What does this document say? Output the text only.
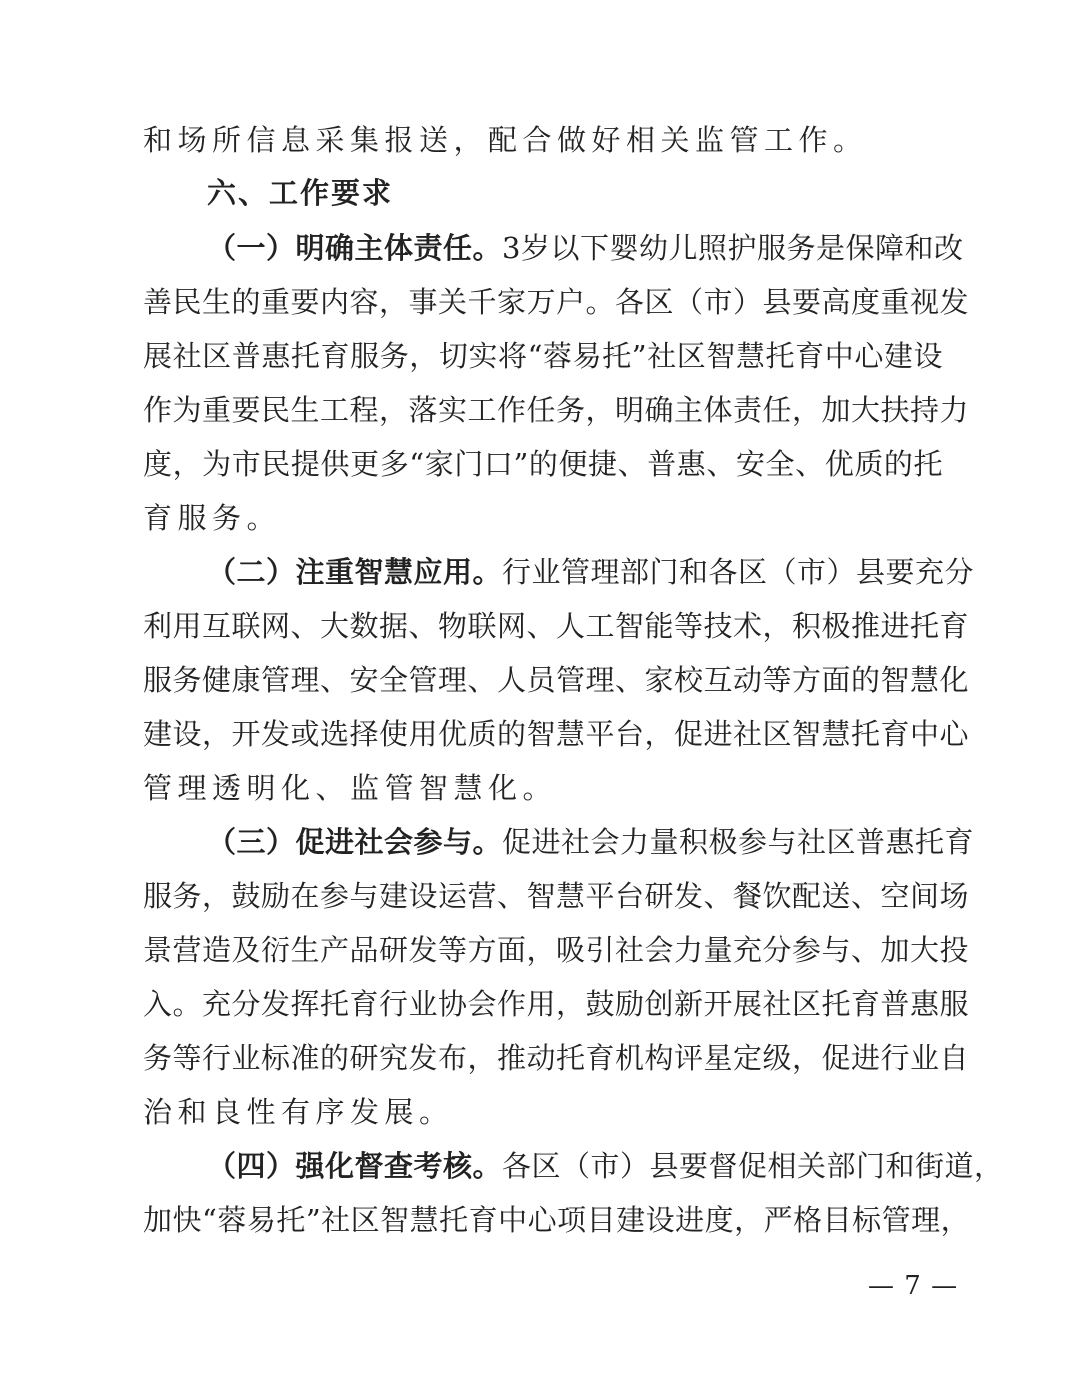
和场所信息采集报送，配合做好相关监管工作。
六、工作要求
（一）明确主体责任。3岁以下婴幼儿照护服务是保障和改
善民生的重要内容，事关千家万户。各区（市）县要高度重视发
展社区普惠托育服务，切实将“蓉易托”社区智慧托育中心建设
作为重要民生工程，落实工作任务，明确主体责任，加大扶持力
度，为市民提供更多“家门口”的便捷、普惠、安全、优质的托
育服务。
（二）注重智慧应用。行业管理部门和各区（市）县要充分
利用互联网、大数据、物联网、人工智能等技术，积极推进托育
服务健康管理、安全管理、人员管理、家校互动等方面的智慧化
建设，开发或选择使用优质的智慧平台，促进社区智慧托育中心
管理透明化、监管智慧化。
（三）促进社会参与。促进社会力量积极参与社区普惠托育
服务，鼓励在参与建设运营、智慧平台研发、餐饮配送、空间场
景营造及衍生产品研发等方面，吸引社会力量充分参与、加大投
入。充分发挥托育行业协会作用，鼓励创新开展社区托育普惠服
务等行业标准的研究发布，推动托育机构评星定级，促进行业自
治和良性有序发展。
（四）强化督查考核。各区（市）县要督促相关部门和街道，
加快“蓉易托”社区智慧托育中心项目建设进度，严格目标管理，
— 7 —
